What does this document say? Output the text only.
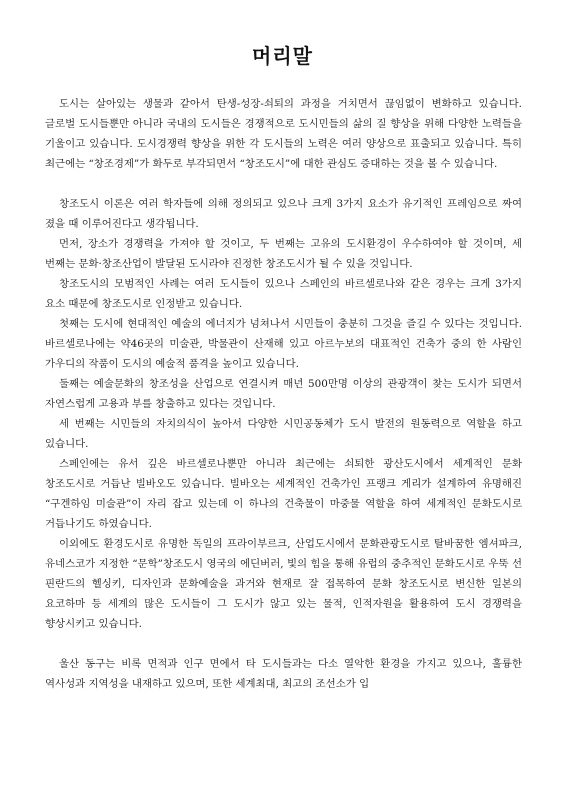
머리말

도시는 살아있는 생물과 같아서 탄생-성장-쇠퇴의 과정을 거치면서 끊임없이 변화하고 있습니다. 글로벌 도시들뿐만 아니라 국내의 도시들은 경쟁적으로 도시민들의 삶의 질 향상을 위해 다양한 노력들을 기울이고 있습니다. 도시경쟁력 향상을 위한 각 도시들의 노력은 여러 양상으로 표출되고 있습니다. 특히 최근에는 “창조경제”가 화두로 부각되면서 “창조도시”에 대한 관심도 증대하는 것을 볼 수 있습니다.

창조도시 이론은 여러 학자들에 의해 정의되고 있으나 크게 3가지 요소가 유기적인 프레임으로 짜여 졌을 때 이루어진다고 생각됩니다.

먼저, 장소가 경쟁력을 가져야 할 것이고, 두 번째는 고유의 도시환경이 우수하여야 할 것이며, 세 번째는 문화·창조산업이 발달된 도시라야 진정한 창조도시가 될 수 있을 것입니다.

창조도시의 모범적인 사례는 여러 도시들이 있으나 스페인의 바르셀로나와 같은 경우는 크게 3가지 요소 때문에 창조도시로 인정받고 있습니다.

첫째는 도시에 현대적인 예술의 에너지가 넘쳐나서 시민들이 충분히 그것을 즐길 수 있다는 것입니다. 바르셀로나에는 약46곳의 미술관, 박물관이 산재해 있고 아르누보의 대표적인 건축가 중의 한 사람인 가우디의 작품이 도시의 예술적 품격을 높이고 있습니다.

둘째는 예술문화의 창조성을 산업으로 연결시켜 매년 500만명 이상의 관광객이 찾는 도시가 되면서 자연스럽게 고용과 부를 창출하고 있다는 것입니다.

세 번째는 시민들의 자치의식이 높아서 다양한 시민공동체가 도시 발전의 원동력으로 역할을 하고 있습니다.

스페인에는 유서 깊은 바르셀로나뿐만 아니라 최근에는 쇠퇴한 광산도시에서 세계적인 문화 창조도시로 거듭난 빌바오도 있습니다. 빌바오는 세계적인 건축가인 프랭크 게리가 설계하여 유명해진 “구겐하임 미술관”이 자리 잡고 있는데 이 하나의 건축물이 마중물 역할을 하여 세계적인 문화도시로 거듭나기도 하였습니다.

이외에도 환경도시로 유명한 독일의 프라이부르크, 산업도시에서 문화관광도시로 탈바꿈한 엠셔파크, 유네스코가 지정한 “문학”창조도시 영국의 에딘버러, 빛의 힘을 통해 유럽의 중추적인 문화도시로 우뚝 선 핀란드의 헬싱키, 디자인과 문화예술을 과거와 현재로 잘 접목하여 문화 창조도시로 변신한 일본의 요코하마 등 세계의 많은 도시들이 그 도시가 않고 있는 물적, 인적자원을 활용하여 도시 경쟁력을 향상시키고 있습니다.

울산 동구는 비록 면적과 인구 면에서 타 도시들과는 다소 열악한 환경을 가지고 있으나, 훌륭한 역사성과 지역성을 내재하고 있으며, 또한 세계최대, 최고의 조선소가 입
